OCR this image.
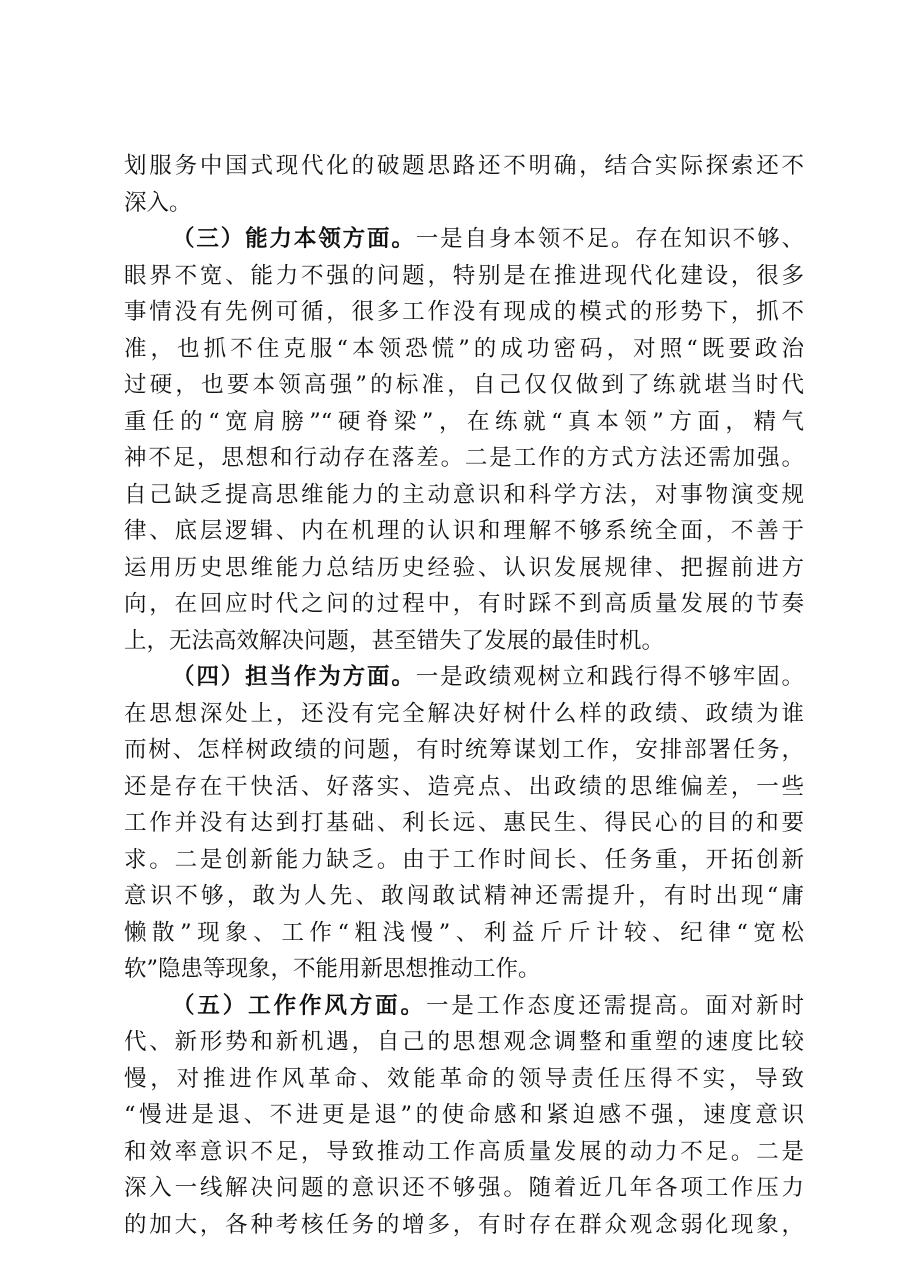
划服务中国式现代化的破题思路还不明确，结合实际探索还不
深入。
（三）能力本领方面。一是自身本领不足。存在知识不够、
眼界不宽、能力不强的问题，特别是在推进现代化建设，很多
事情没有先例可循，很多工作没有现成的模式的形势下，抓不
准，也抓不住克服“本领恐慌”的成功密码，对照“既要政治
过硬，也要本领高强”的标准，自己仅仅做到了练就堪当时代
重任的“宽肩膀”“硬脊梁”，在练就“真本领”方面，精气
神不足，思想和行动存在落差。二是工作的方式方法还需加强。
自己缺乏提高思维能力的主动意识和科学方法，对事物演变规
律、底层逻辑、内在机理的认识和理解不够系统全面，不善于
运用历史思维能力总结历史经验、认识发展规律、把握前进方
向，在回应时代之问的过程中，有时踩不到高质量发展的节奏
上，无法高效解决问题，甚至错失了发展的最佳时机。
（四）担当作为方面。一是政绩观树立和践行得不够牢固。
在思想深处上，还没有完全解决好树什么样的政绩、政绩为谁
而树、怎样树政绩的问题，有时统筹谋划工作，安排部署任务，
还是存在干快活、好落实、造亮点、出政绩的思维偏差，一些
工作并没有达到打基础、利长远、惠民生、得民心的目的和要
求。二是创新能力缺乏。由于工作时间长、任务重，开拓创新
意识不够，敢为人先、敢闯敢试精神还需提升，有时出现“庸
懒散”现象、工作“粗浅慢”、利益斤斤计较、纪律“宽松
软”隐患等现象，不能用新思想推动工作。
（五）工作作风方面。一是工作态度还需提高。面对新时
代、新形势和新机遇，自己的思想观念调整和重塑的速度比较
慢，对推进作风革命、效能革命的领导责任压得不实，导致
“慢进是退、不进更是退”的使命感和紧迫感不强，速度意识
和效率意识不足，导致推动工作高质量发展的动力不足。二是
深入一线解决问题的意识还不够强。随着近几年各项工作压力
的加大，各种考核任务的增多，有时存在群众观念弱化现象，
